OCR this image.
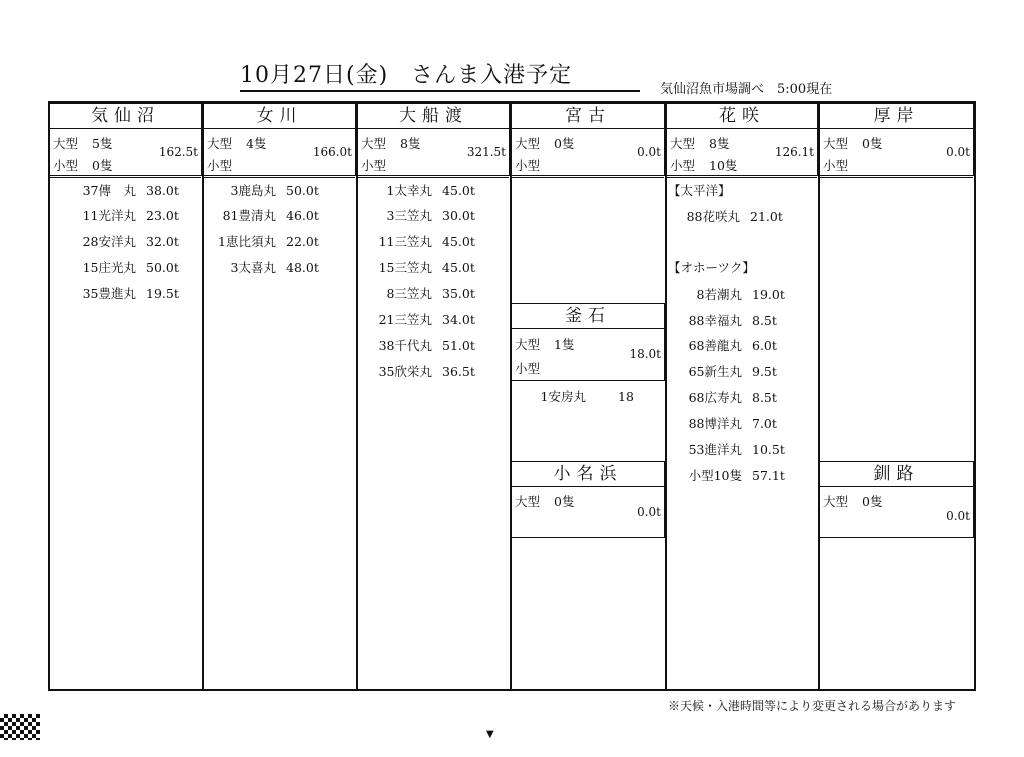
10月27日(金)　さんま入港予定
気仙沼魚市場調べ　5:00現在
気仙沼
大型 5隻
小型 0隻
162.5t
37傳　丸 38.0t
11光洋丸 23.0t
28安洋丸 32.0t
15庄光丸 50.0t
35豊進丸 19.5t
女川
大型 4隻
小型
166.0t
3鹿島丸 50.0t
81豊清丸 46.0t
1恵比須丸 22.0t
3太喜丸 48.0t
大船渡
大型 8隻
小型
321.5t
1太幸丸 45.0t
3三笠丸 30.0t
11三笠丸 45.0t
15三笠丸 45.0t
8三笠丸 35.0t
21三笠丸 34.0t
38千代丸 51.0t
35欣栄丸 36.5t
宮古
大型 0隻
小型
0.0t
釜石
大型 1隻
小型
18.0t
1安房丸	18
小名浜
大型 0隻
0.0t
花咲
大型 8隻
小型 10隻
126.1t
【太平洋】
88花咲丸 21.0t
【オホーツク】
8若潮丸 19.0t
88幸福丸 8.5t
68善龍丸 6.0t
65新生丸 9.5t
68広寿丸 8.5t
88博洋丸 7.0t
53進洋丸 10.5t
小型10隻 57.1t
厚岸
大型 0隻
小型
0.0t
釧路
大型 0隻
0.0t
※天候・入港時間等により変更される場合があります
▼
